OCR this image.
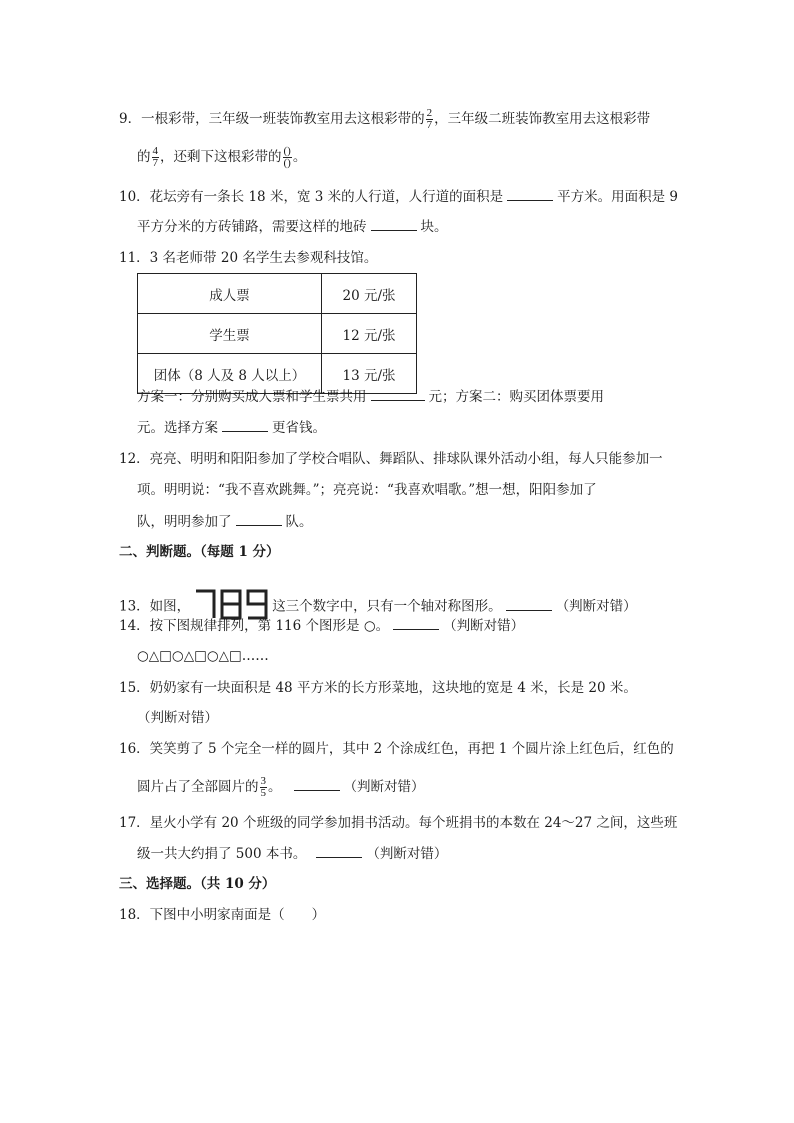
9．一根彩带，三年级一班装饰教室用去这根彩带的 $\frac{2}{7}$ ，三年级二班装饰教室用去这根彩带
的 $\frac{4}{7}$ ，还剩下这根彩带的 $\frac{()}{()}$ 。
10．花坛旁有一条长 18 米，宽 3 米的人行道，人行道的面积是	平方米。用面积是 9
平方分米的方砖铺路，需要这样的地砖	块。
11．3 名老师带 20 名学生去参观科技馆。
成人票	20 元/张
学生票	12 元/张
团体（8 人及 8 人以上）	13 元/张
方案一：分别购买成人票和学生票共用	元；方案二：购买团体票要用
元。选择方案	更省钱。
12．亮亮、明明和阳阳参加了学校合唱队、舞蹈队、排球队课外活动小组，每人只能参加一
项。明明说：“我不喜欢跳舞。”；亮亮说：“我喜欢唱歌。”想一想，阳阳参加了
队，明明参加了	队。
二、判断题。（每题 1 分）
13．如图，	这三个数字中，只有一个轴对称图形。	（判断对错）
14．按下图规律排列，第 116 个图形是 ○。	（判断对错）
○△□○△□○△□……
15．奶奶家有一块面积是 48 平方米的长方形菜地，这块地的宽是 4 米，长是 20 米。
（判断对错）
16．笑笑剪了 5 个完全一样的圆片，其中 2 个涂成红色，再把 1 个圆片涂上红色后，红色的
圆片占了全部圆片的 $\frac{3}{5}$ 。	（判断对错）
17．星火小学有 20 个班级的同学参加捐书活动。每个班捐书的本数在 24～27 之间，这些班
级一共大约捐了 500 本书。	（判断对错）
三、选择题。（共 10 分）
18．下图中小明家南面是（　　）
